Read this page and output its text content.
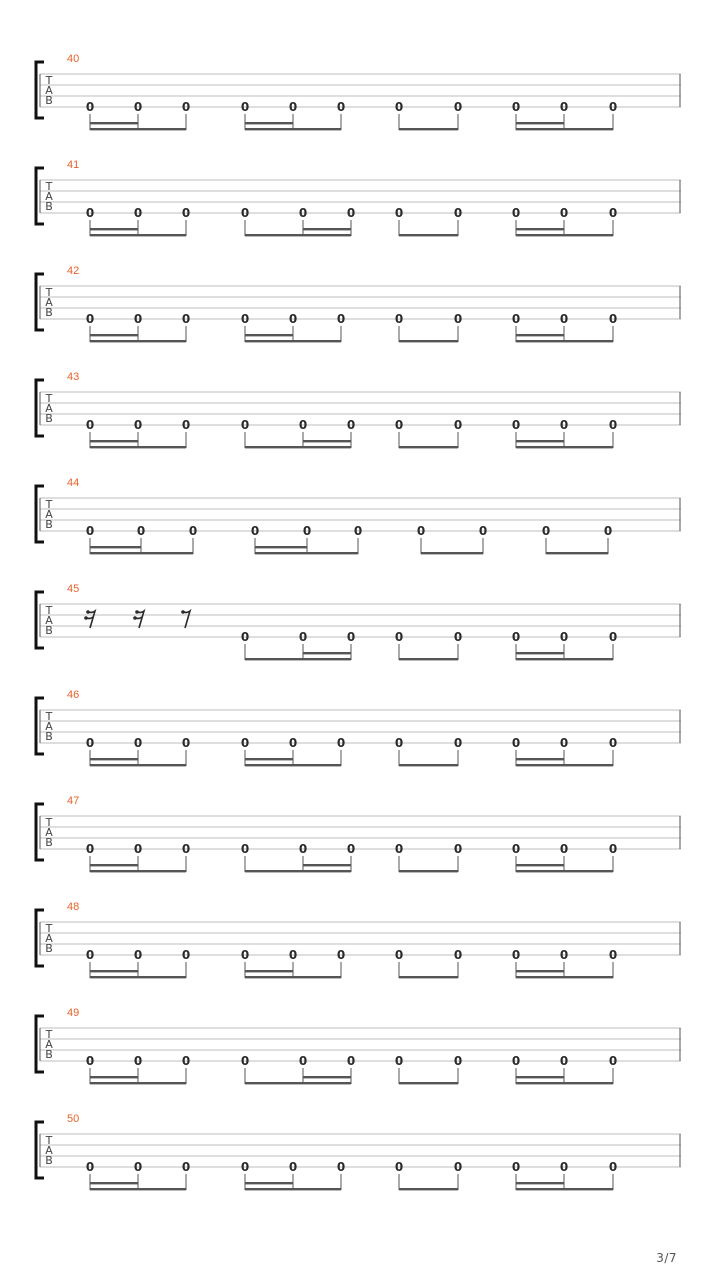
T
A
B
40
0	0	0	0	0	0	0	0	0	0	0
T
A
B
41
0	0	0	0	0	0	0	0	0	0	0
T
A
B
42
0	0	0	0	0	0	0	0	0	0	0
T
A
B
43
0	0	0	0	0	0	0	0	0	0	0
T
A
B
44
0	0	0	0	0	0	0	0	0	0
T
A
B
45
0	0	0	0	0	0	0	0
T
A
B
46
0	0	0	0	0	0	0	0	0	0	0
T
A
B
47
0	0	0	0	0	0	0	0	0	0	0
T
A
B
48
0	0	0	0	0	0	0	0	0	0	0
T
A
B
49
0	0	0	0	0	0	0	0	0	0	0
T
A
B
50
0	0	0	0	0	0	0	0	0	0	0
3/7
